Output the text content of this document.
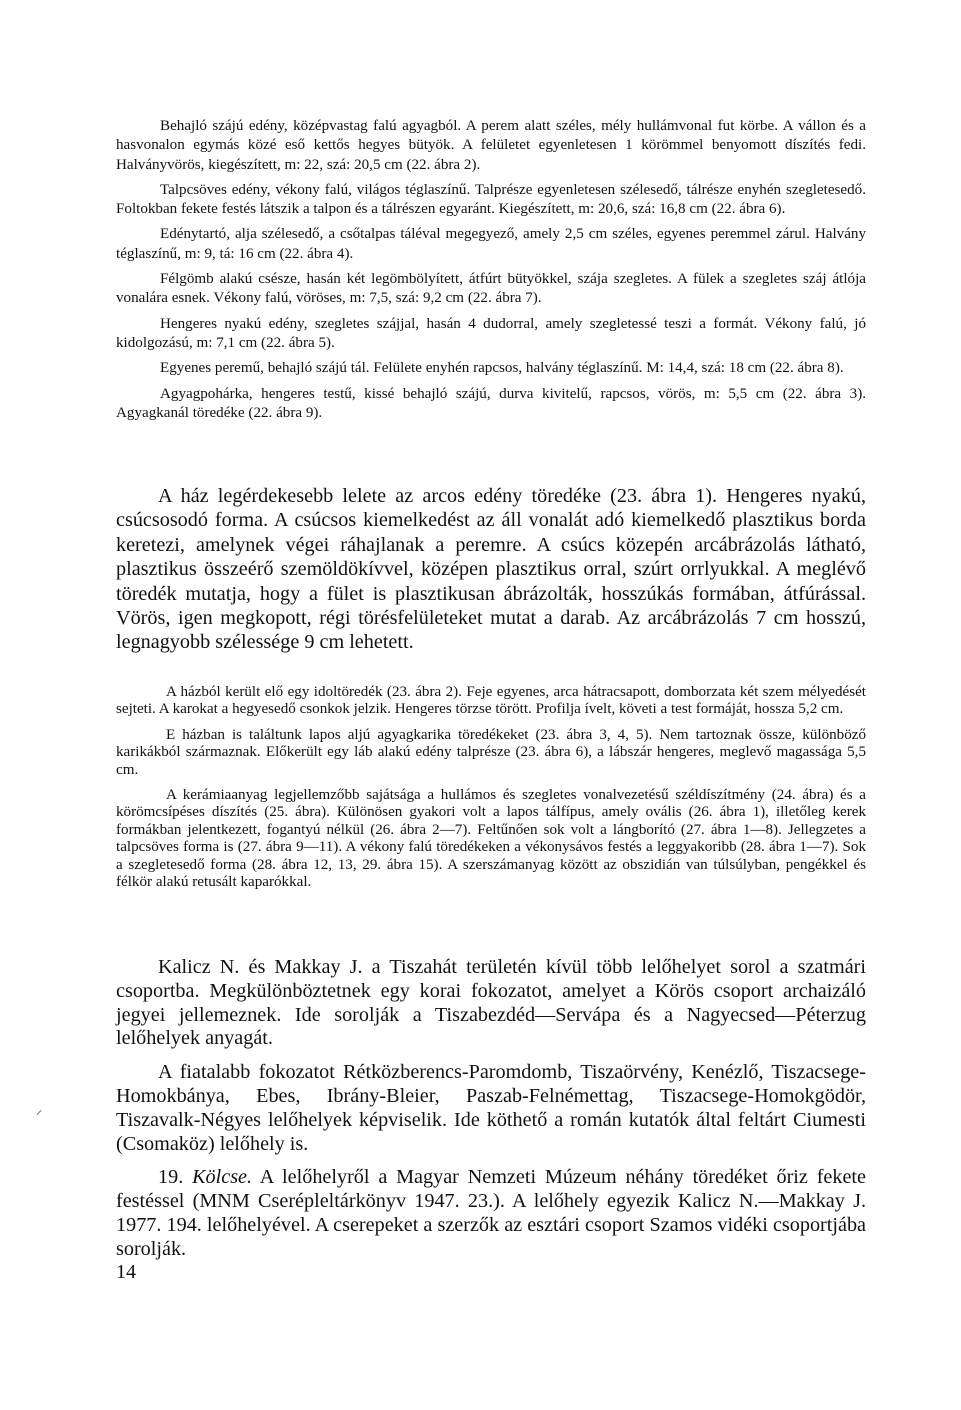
Behajló szájú edény, középvastag falú agyagból. A perem alatt széles, mély hullámvonal fut körbe. A vállon és a hasvonalon egymás közé eső kettős hegyes bütyök. A felületet egyenletesen 1 körömmel benyomott díszítés fedi. Halványvörös, kiegészített, m: 22, szá: 20,5 cm (22. ábra 2).

Talpcsöves edény, vékony falú, világos téglaszínű. Talprésze egyenletesen szélesedő, tálrésze enyhén szegletesedő. Foltokban fekete festés látszik a talpon és a tálrészen egyaránt. Kiegészített, m: 20,6, szá: 16,8 cm (22. ábra 6).

Edénytartó, alja szélesedő, a csőtalpas táléval megegyező, amely 2,5 cm széles, egyenes peremmel zárul. Halvány téglaszínű, m: 9, tá: 16 cm (22. ábra 4).

Félgömb alakú csésze, hasán két legömbölyített, átfúrt bütyökkel, szája szegletes. A fülek a szegletes száj átlója vonalára esnek. Vékony falú, vöröses, m: 7,5, szá: 9,2 cm (22. ábra 7).

Hengeres nyakú edény, szegletes szájjal, hasán 4 dudorral, amely szegletessé teszi a formát. Vékony falú, jó kidolgozású, m: 7,1 cm (22. ábra 5).

Egyenes peremű, behajló szájú tál. Felülete enyhén rapcsos, halvány téglaszínű. M: 14,4, szá: 18 cm (22. ábra 8).

Agyagpohárka, hengeres testű, kissé behajló szájú, durva kivitelű, rapcsos, vörös, m: 5,5 cm (22. ábra 3). Agyagkanál töredéke (22. ábra 9).

A ház legérdekesebb lelete az arcos edény töredéke (23. ábra 1). Hengeres nyakú, csúcsosodó forma. A csúcsos kiemelkedést az áll vonalát adó kiemelkedő plasztikus borda keretezi, amelynek végei ráhajlanak a peremre. A csúcs közepén arcábrázolás látható, plasztikus összeérő szemöldökívvel, középen plasztikus orral, szúrt orrlyukkal. A meglévő töredék mutatja, hogy a fület is plasztikusan ábrázolták, hosszúkás formában, átfúrással. Vörös, igen megkopott, régi törésfelületeket mutat a darab. Az arcábrázolás 7 cm hosszú, legnagyobb szélessége 9 cm lehetett.

A házból került elő egy idoltöredék (23. ábra 2). Feje egyenes, arca hátracsapott, domborzata két szem mélyedését sejteti. A karokat a hegyesedő csonkok jelzik. Hengeres törzse törött. Profilja ívelt, követi a test formáját, hossza 5,2 cm.

E házban is találtunk lapos aljú agyagkarika töredékeket (23. ábra 3, 4, 5). Nem tartoznak össze, különböző karikákból származnak. Előkerült egy láb alakú edény talprésze (23. ábra 6), a lábszár hengeres, meglevő magassága 5,5 cm.

A kerámiaanyag legjellemzőbb sajátsága a hullámos és szegletes vonalvezetésű széldíszítmény (24. ábra) és a körömcsípéses díszítés (25. ábra). Különösen gyakori volt a lapos tálfípus, amely ovális (26. ábra 1), illetőleg kerek formákban jelentkezett, fogantyú nélkül (26. ábra 2—7). Feltűnően sok volt a lángborító (27. ábra 1—8). Jellegzetes a talpcsöves forma is (27. ábra 9—11). A vékony falú töredékeken a vékonysávos festés a leggyakoribb (28. ábra 1—7). Sok a szegletesedő forma (28. ábra 12, 13, 29. ábra 15). A szerszámanyag között az obszidián van túlsúlyban, pengékkel és félkör alakú retusált kaparókkal.

Kalicz N. és Makkay J. a Tiszahát területén kívül több lelőhelyet sorol a szatmári csoportba. Megkülönböztetnek egy korai fokozatot, amelyet a Körös csoport archaizáló jegyei jellemeznek. Ide sorolják a Tiszabezdéd—Servápa és a Nagyecsed—Péterzug lelőhelyek anyagát.

A fiatalabb fokozatot Rétközberencs-Paromdomb, Tiszaörvény, Kenézlő, Tiszacsege-Homokbánya, Ebes, Ibrány-Bleier, Paszab-Felnémettag, Tiszacsege-Homokgödör, Tiszavalk-Négyes lelőhelyek képviselik. Ide köthető a román kutatók által feltárt Ciumesti (Csomaköz) lelőhely is.

19. Kölcse. A lelőhelyről a Magyar Nemzeti Múzeum néhány töredéket őriz fekete festéssel (MNM Cserépleltárkönyv 1947. 23.). A lelőhely egyezik Kalicz N.—Makkay J. 1977. 194. lelőhelyével. A cserepeket a szerzők az esztári csoport Szamos vidéki csoportjába sorolják.

14
